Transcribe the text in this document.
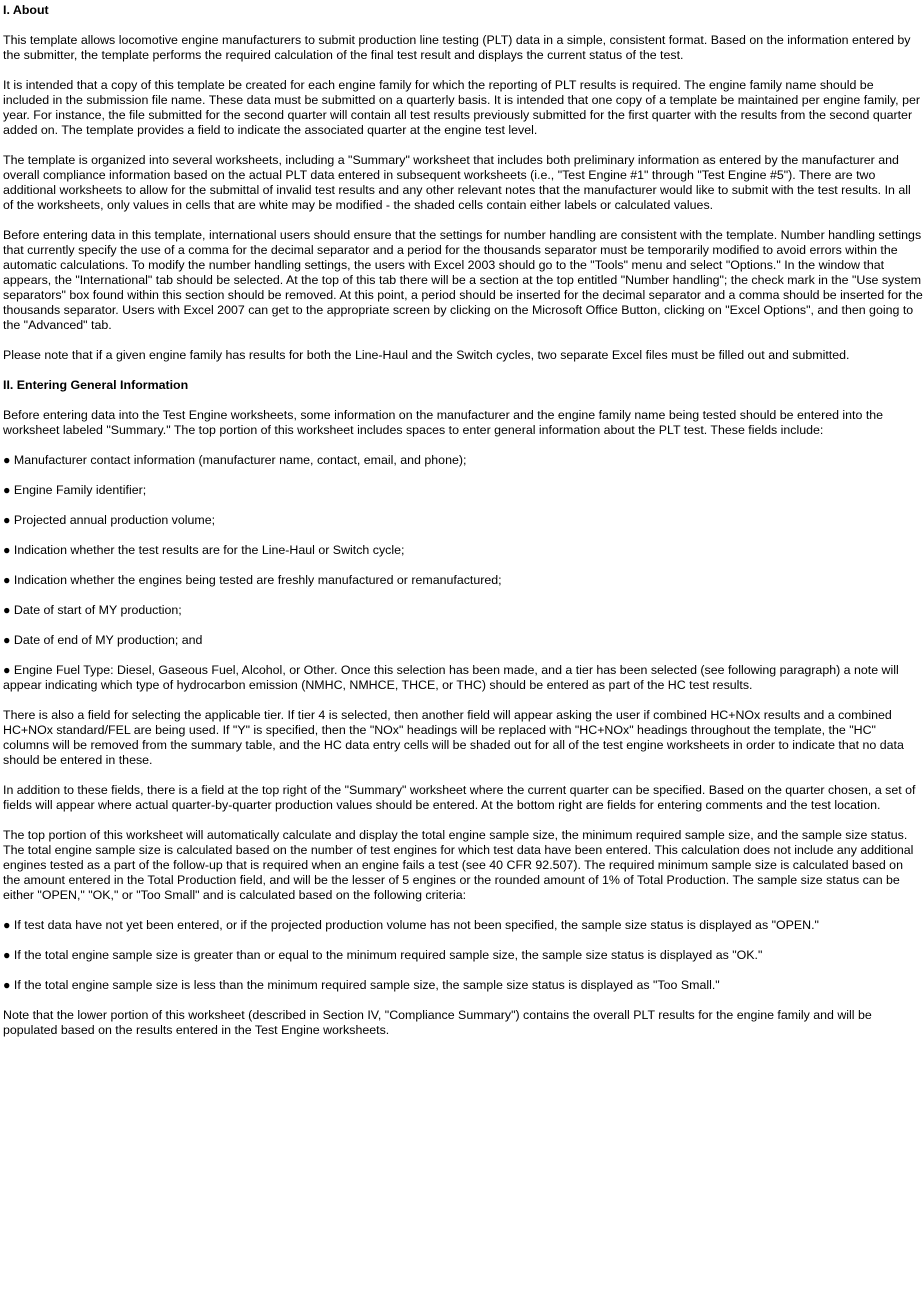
I. About
This template allows locomotive engine manufacturers to submit production line testing (PLT) data in a simple, consistent format. Based on the information entered by the submitter, the template performs the required calculation of the final test result and displays the current status of the test.
It is intended that a copy of this template be created for each engine family for which the reporting of PLT results is required. The engine family name should be included in the submission file name. These data must be submitted on a quarterly basis. It is intended that one copy of a template be maintained per engine family, per year. For instance, the file submitted for the second quarter will contain all test results previously submitted for the first quarter with the results from the second quarter added on. The template provides a field to indicate the associated quarter at the engine test level.
The template is organized into several worksheets, including a "Summary" worksheet that includes both preliminary information as entered by the manufacturer and overall compliance information based on the actual PLT data entered in subsequent worksheets (i.e., "Test Engine #1" through "Test Engine #5"). There are two additional worksheets to allow for the submittal of invalid test results and any other relevant notes that the manufacturer would like to submit with the test results. In all of the worksheets, only values in cells that are white may be modified - the shaded cells contain either labels or calculated values.
Before entering data in this template, international users should ensure that the settings for number handling are consistent with the template. Number handling settings that currently specify the use of a comma for the decimal separator and a period for the thousands separator must be temporarily modified to avoid errors within the automatic calculations. To modify the number handling settings, the users with Excel 2003 should go to the "Tools" menu and select "Options." In the window that appears, the "International" tab should be selected. At the top of this tab there will be a section at the top entitled "Number handling"; the check mark in the "Use system separators" box found within this section should be removed. At this point, a period should be inserted for the decimal separator and a comma should be inserted for the thousands separator. Users with Excel 2007 can get to the appropriate screen by clicking on the Microsoft Office Button, clicking on "Excel Options", and then going to the "Advanced" tab.
Please note that if a given engine family has results for both the Line-Haul and the Switch cycles, two separate Excel files must be filled out and submitted.
II. Entering General Information
Before entering data into the Test Engine worksheets, some information on the manufacturer and the engine family name being tested should be entered into the worksheet labeled "Summary." The top portion of this worksheet includes spaces to enter general information about the PLT test. These fields include:
● Manufacturer contact information (manufacturer name, contact, email, and phone);
● Engine Family identifier;
● Projected annual production volume;
● Indication whether the test results are for the Line-Haul or Switch cycle;
● Indication whether the engines being tested are freshly manufactured or remanufactured;
● Date of start of MY production;
● Date of end of MY production; and
● Engine Fuel Type: Diesel, Gaseous Fuel, Alcohol, or Other. Once this selection has been made, and a tier has been selected (see following paragraph) a note will appear indicating which type of hydrocarbon emission (NMHC, NMHCE, THCE, or THC) should be entered as part of the HC test results.
There is also a field for selecting the applicable tier. If tier 4 is selected, then another field will appear asking the user if combined HC+NOx results and a combined HC+NOx standard/FEL are being used. If "Y" is specified, then the "NOx" headings will be replaced with "HC+NOx" headings throughout the template, the "HC" columns will be removed from the summary table, and the HC data entry cells will be shaded out for all of the test engine worksheets in order to indicate that no data should be entered in these.
In addition to these fields, there is a field at the top right of the "Summary" worksheet where the current quarter can be specified. Based on the quarter chosen, a set of fields will appear where actual quarter-by-quarter production values should be entered. At the bottom right are fields for entering comments and the test location.
The top portion of this worksheet will automatically calculate and display the total engine sample size, the minimum required sample size, and the sample size status. The total engine sample size is calculated based on the number of test engines for which test data have been entered. This calculation does not include any additional engines tested as a part of the follow-up that is required when an engine fails a test (see 40 CFR 92.507). The required minimum sample size is calculated based on the amount entered in the Total Production field, and will be the lesser of 5 engines or the rounded amount of 1% of Total Production. The sample size status can be either "OPEN," "OK," or "Too Small" and is calculated based on the following criteria:
● If test data have not yet been entered, or if the projected production volume has not been specified, the sample size status is displayed as "OPEN."
● If the total engine sample size is greater than or equal to the minimum required sample size, the sample size status is displayed as "OK."
● If the total engine sample size is less than the minimum required sample size, the sample size status is displayed as "Too Small."
Note that the lower portion of this worksheet (described in Section IV, "Compliance Summary") contains the overall PLT results for the engine family and will be populated based on the results entered in the Test Engine worksheets.
